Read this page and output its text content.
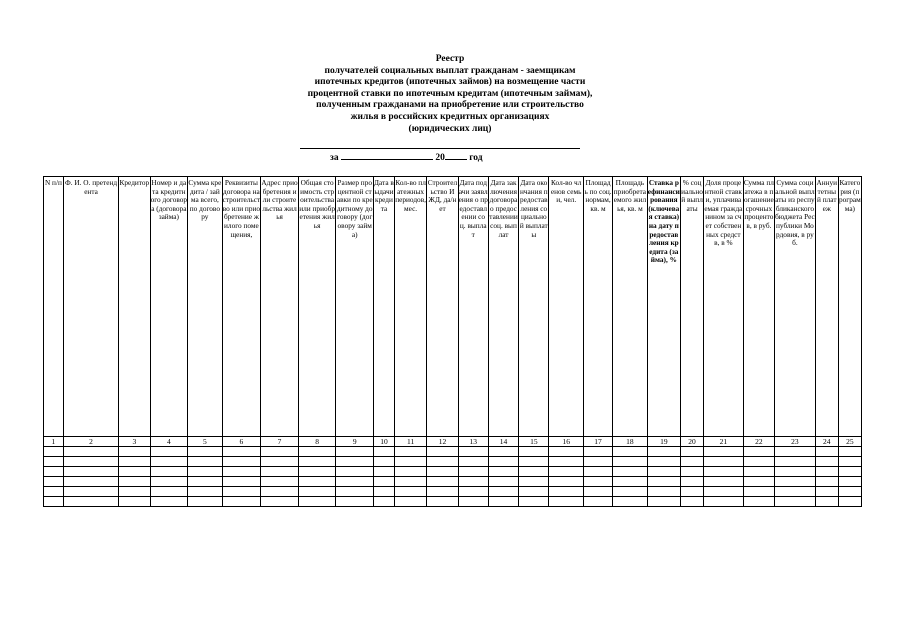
Реестр
получателей социальных выплат гражданам - заемщикам
ипотечных кредитов (ипотечных займов) на возмещение части
процентной ставки по ипотечным кредитам (ипотечным займам),
полученным гражданами на приобретение или строительство
жилья в российских кредитных организациях
(юридических лиц)
за	20	год
N п/п	Ф. И. О. претендента	Кредитор	Номер и дата кредитного договора (договора займа)	Сумма кредита / займа всего, по договору	Реквизиты договора на строительство или приобретение жилого помещения,	Адрес приобретения или строительства жилья	Общая стоимость строительства или приобретения жилья	Размер процентной ставки по кредитному договору (договору займа)	Дата выдачи кредита	Кол-во платежных периодов, мес.	Строительство ИЖД, да/нет	Дата подачи заявления о предоставлении соц. выплат	Дата заключения договора о предоставлении соц. выплат	Дата окончания предоставления социальной выплаты	Кол-во членов семьи, чел.	Площадь по соц. нормам, кв. м	Площадь приобретаемого жилья, кв. м	Ставка рефинансирования (ключевая ставка) на дату предоставления кредита (займа), %	% социальной выплаты	Доля процентной ставки, уплачиваемая гражданином за счет собственных средств, в %	Сумма платежа в погашение срочных процентов, в руб.	Сумма социальной выплаты из республиканского бюджета Республики Мордовия, в руб.	Аннуитетный платеж	Категория (программа)
1	2	3	4	5	6	7	8	9	10	11	12	13	14	15	16	17	18	19	20	21	22	23	24	25
